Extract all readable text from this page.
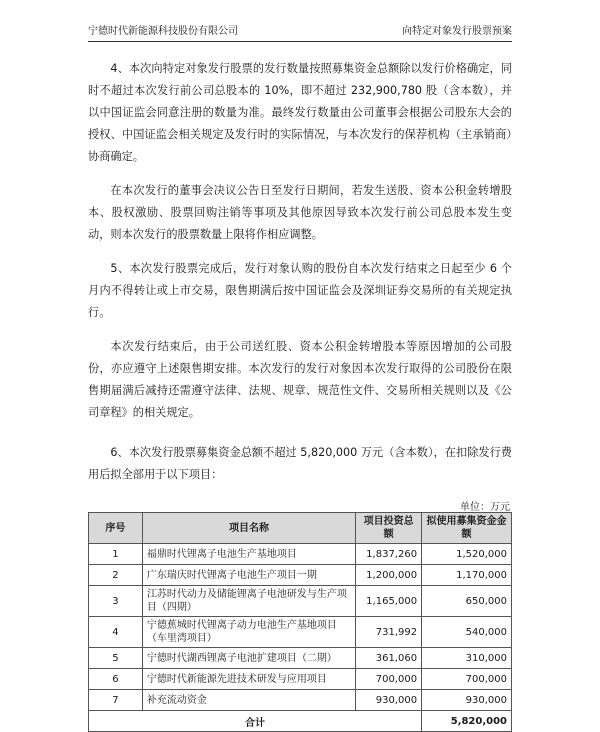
宁德时代新能源科技股份有限公司	向特定对象发行股票预案

4、本次向特定对象发行股票的发行数量按照募集资金总额除以发行价格确定，同时不超过本次发行前公司总股本的 10%，即不超过 232,900,780 股（含本数），并以中国证监会同意注册的数量为准。最终发行数量由公司董事会根据公司股东大会的授权、中国证监会相关规定及发行时的实际情况，与本次发行的保荐机构（主承销商）协商确定。

在本次发行的董事会决议公告日至发行日期间，若发生送股、资本公积金转增股本、股权激励、股票回购注销等事项及其他原因导致本次发行前公司总股本发生变动，则本次发行的股票数量上限将作相应调整。

5、本次发行股票完成后，发行对象认购的股份自本次发行结束之日起至少 6 个月内不得转让或上市交易，限售期满后按中国证监会及深圳证券交易所的有关规定执行。

本次发行结束后，由于公司送红股、资本公积金转增股本等原因增加的公司股份，亦应遵守上述限售期安排。本次发行的发行对象因本次发行取得的公司股份在限售期届满后减持还需遵守法律、法规、规章、规范性文件、交易所相关规则以及《公司章程》的相关规定。

6、本次发行股票募集资金总额不超过 5,820,000 万元（含本数），在扣除发行费用后拟全部用于以下项目：

单位：万元
序号	项目名称	项目投资总额	拟使用募集资金金额
1	福鼎时代锂离子电池生产基地项目	1,837,260	1,520,000
2	广东瑞庆时代锂离子电池生产项目一期	1,200,000	1,170,000
3	江苏时代动力及储能锂离子电池研发与生产项目（四期）	1,165,000	650,000
4	宁德蕉城时代锂离子动力电池生产基地项目（车里湾项目）	731,992	540,000
5	宁德时代湖西锂离子电池扩建项目（二期）	361,060	310,000
6	宁德时代新能源先进技术研发与应用项目	700,000	700,000
7	补充流动资金	930,000	930,000
合计			5,820,000
